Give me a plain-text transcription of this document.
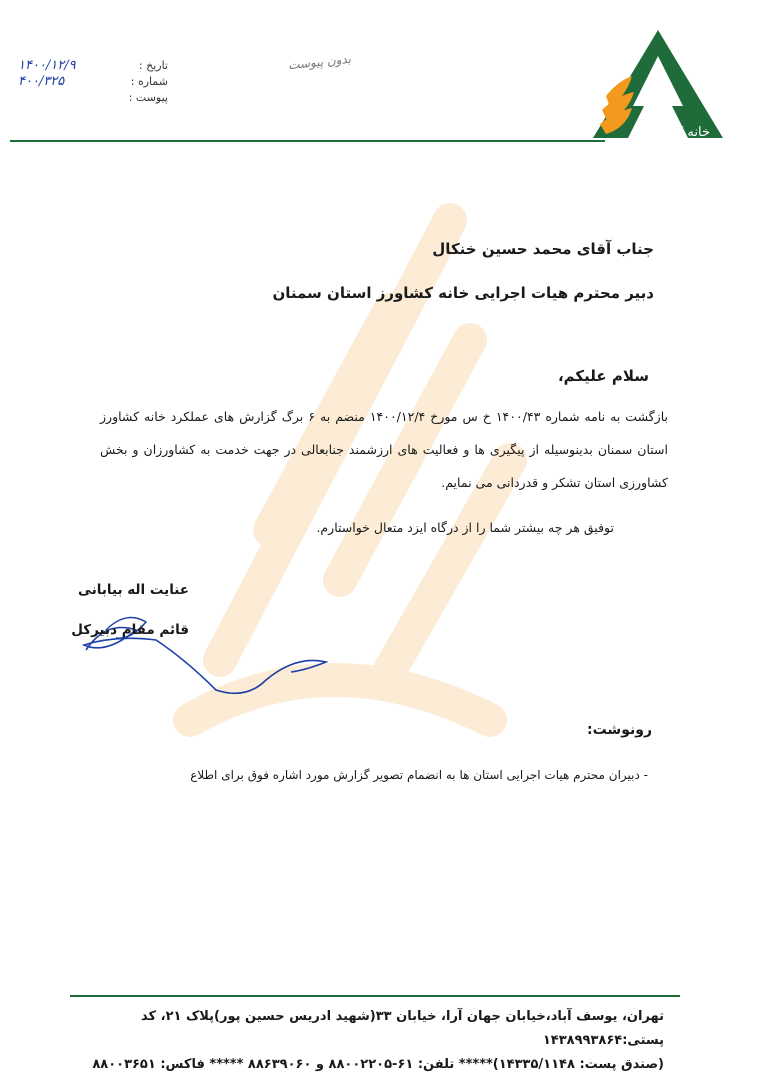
خانه کشاورز
تاریخ :
۱۴۰۰/۱۲/۹
شماره :
۴۰۰/۳۲۵
پیوست :
بدون پیوست
جناب آقای محمد حسین خنکال
دبیر محترم هیات اجرایی خانه کشاورز استان سمنان
سلام علیکم،
بازگشت به نامه شماره ۱۴۰۰/۴۳ خ س مورخ ۱۴۰۰/۱۲/۴ منضم به ۶ برگ گزارش های عملکرد خانه کشاورز استان سمنان بدینوسیله از پیگیری ها و فعالیت های ارزشمند جنابعالی در جهت خدمت به کشاورزان و بخش کشاورزی استان تشکر و قدردانی می نمایم.
توفیق هر چه بیشتر شما را از درگاه ایزد متعال خواستارم.
عنایت اله بیابانی
قائم مقام دبیرکل
رونوشت:
- دبیران محترم هیات اجرایی استان ها به انضمام تصویر گزارش مورد اشاره فوق برای اطلاع
تهران، یوسف آباد،خیابان جهان آرا، خیابان ۳۳(شهید ادریس حسین پور)پلاک ۲۱، کد پستی:۱۴۳۸۹۹۳۸۶۴
(صندق پست: ۱۴۳۳۵/۱۱۴۸)***** تلفن: ۶۱-۸۸۰۰۲۲۰۵ و ۸۸۶۳۹۰۶۰ ***** فاکس: ۸۸۰۰۳۶۵۱
